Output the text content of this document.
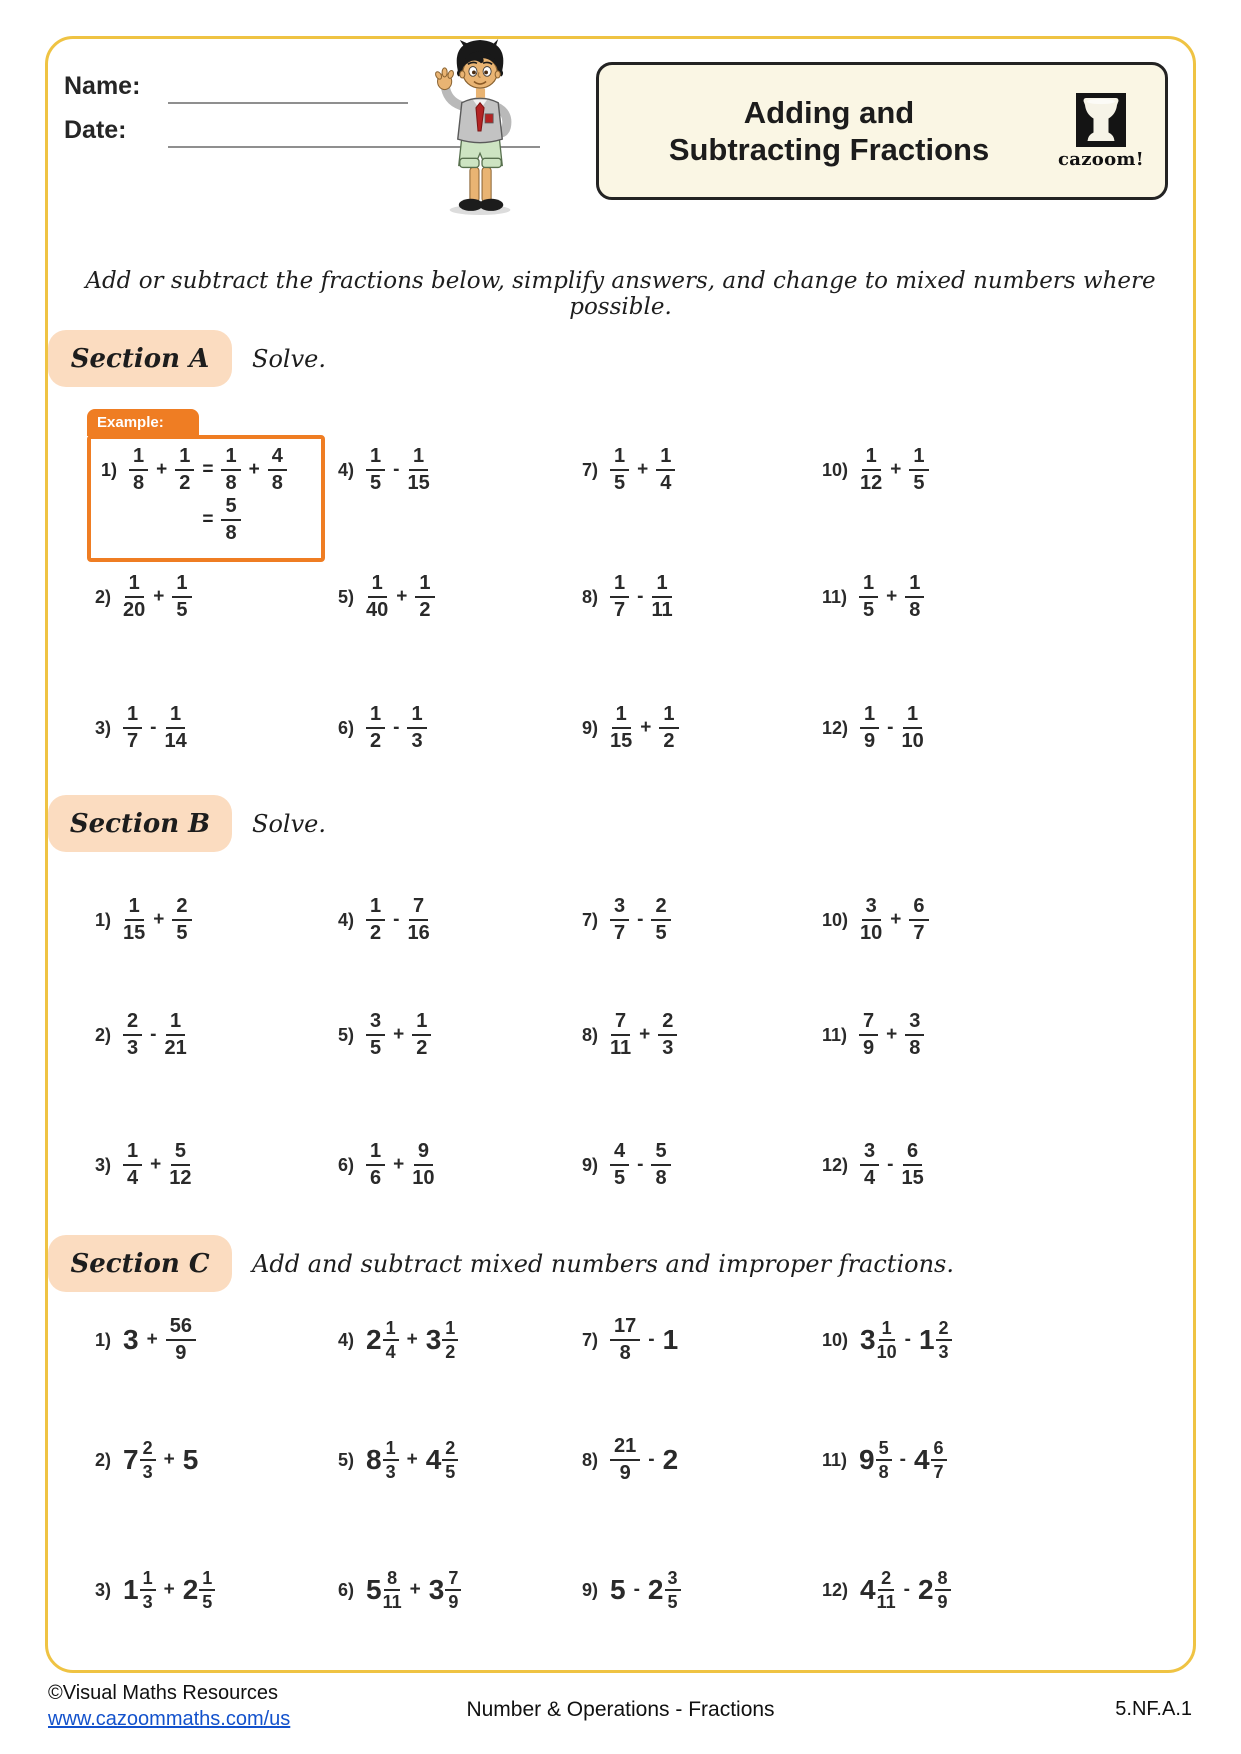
Name:
Date:
Adding and
Subtracting Fractions	cazoom!
Add or subtract the fractions below, simplify answers, and change to mixed numbers where possible.
Section A Solve.
Example:
$1) \frac{1}{8} + \frac{1}{2} = \frac{1}{8} + \frac{4}{8}$
= $\frac{5}{8}$
Section B Solve.
Section C Add and subtract mixed numbers and improper fractions.
$4) \frac{1}{5} - \frac{1}{15}$	$7) \frac{1}{5} + \frac{1}{4}$	$10) \frac{1}{12} + \frac{1}{5}$
$2) \frac{1}{20} + \frac{1}{5}$	$5) \frac{1}{40} + \frac{1}{2}$	$8) \frac{1}{7} - \frac{1}{11}$	$11) \frac{1}{5} + \frac{1}{8}$
$3) \frac{1}{7} - \frac{1}{14}$	$6) \frac{1}{2} - \frac{1}{3}$	$9) \frac{1}{15} + \frac{1}{2}$	$12) \frac{1}{9} - \frac{1}{10}$
$1) \frac{1}{15} + \frac{2}{5}$	$4) \frac{1}{2} - \frac{7}{16}$	$7) \frac{3}{7} - \frac{2}{5}$	$10) \frac{3}{10} + \frac{6}{7}$
$2) \frac{2}{3} - \frac{1}{21}$	$5) \frac{3}{5} + \frac{1}{2}$	$8) \frac{7}{11} + \frac{2}{3}$	$11) \frac{7}{9} + \frac{3}{8}$
$3) \frac{1}{4} + \frac{5}{12}$	$6) \frac{1}{6} + \frac{9}{10}$	$9) \frac{4}{5} - \frac{5}{8}$	$12) \frac{3}{4} - \frac{6}{15}$
1) $3 + \frac{56}{9}$	4) $2 \frac{1}{4} + 3 \frac{1}{2}$	$7) \frac{17}{8} - 1$	10) $3 \frac{1}{10} - 1 \frac{2}{3}$
2) $7 \frac{2}{3} + 5$	5) $8 \frac{1}{3} + 4 \frac{2}{5}$	$8) \frac{21}{9} - 2$	11) $9 \frac{5}{8} - 4 \frac{6}{7}$
3) $1 \frac{1}{3} + 2 \frac{1}{5}$	6) $5 \frac{8}{11} + 3 \frac{7}{9}$	9) $5 - 2 \frac{3}{5}$	12) $4 \frac{2}{11} - 2 \frac{8}{9}$
©Visual Maths Resources
www.cazoommaths.com/us	Number & Operations - Fractions	5.NF.A.1
